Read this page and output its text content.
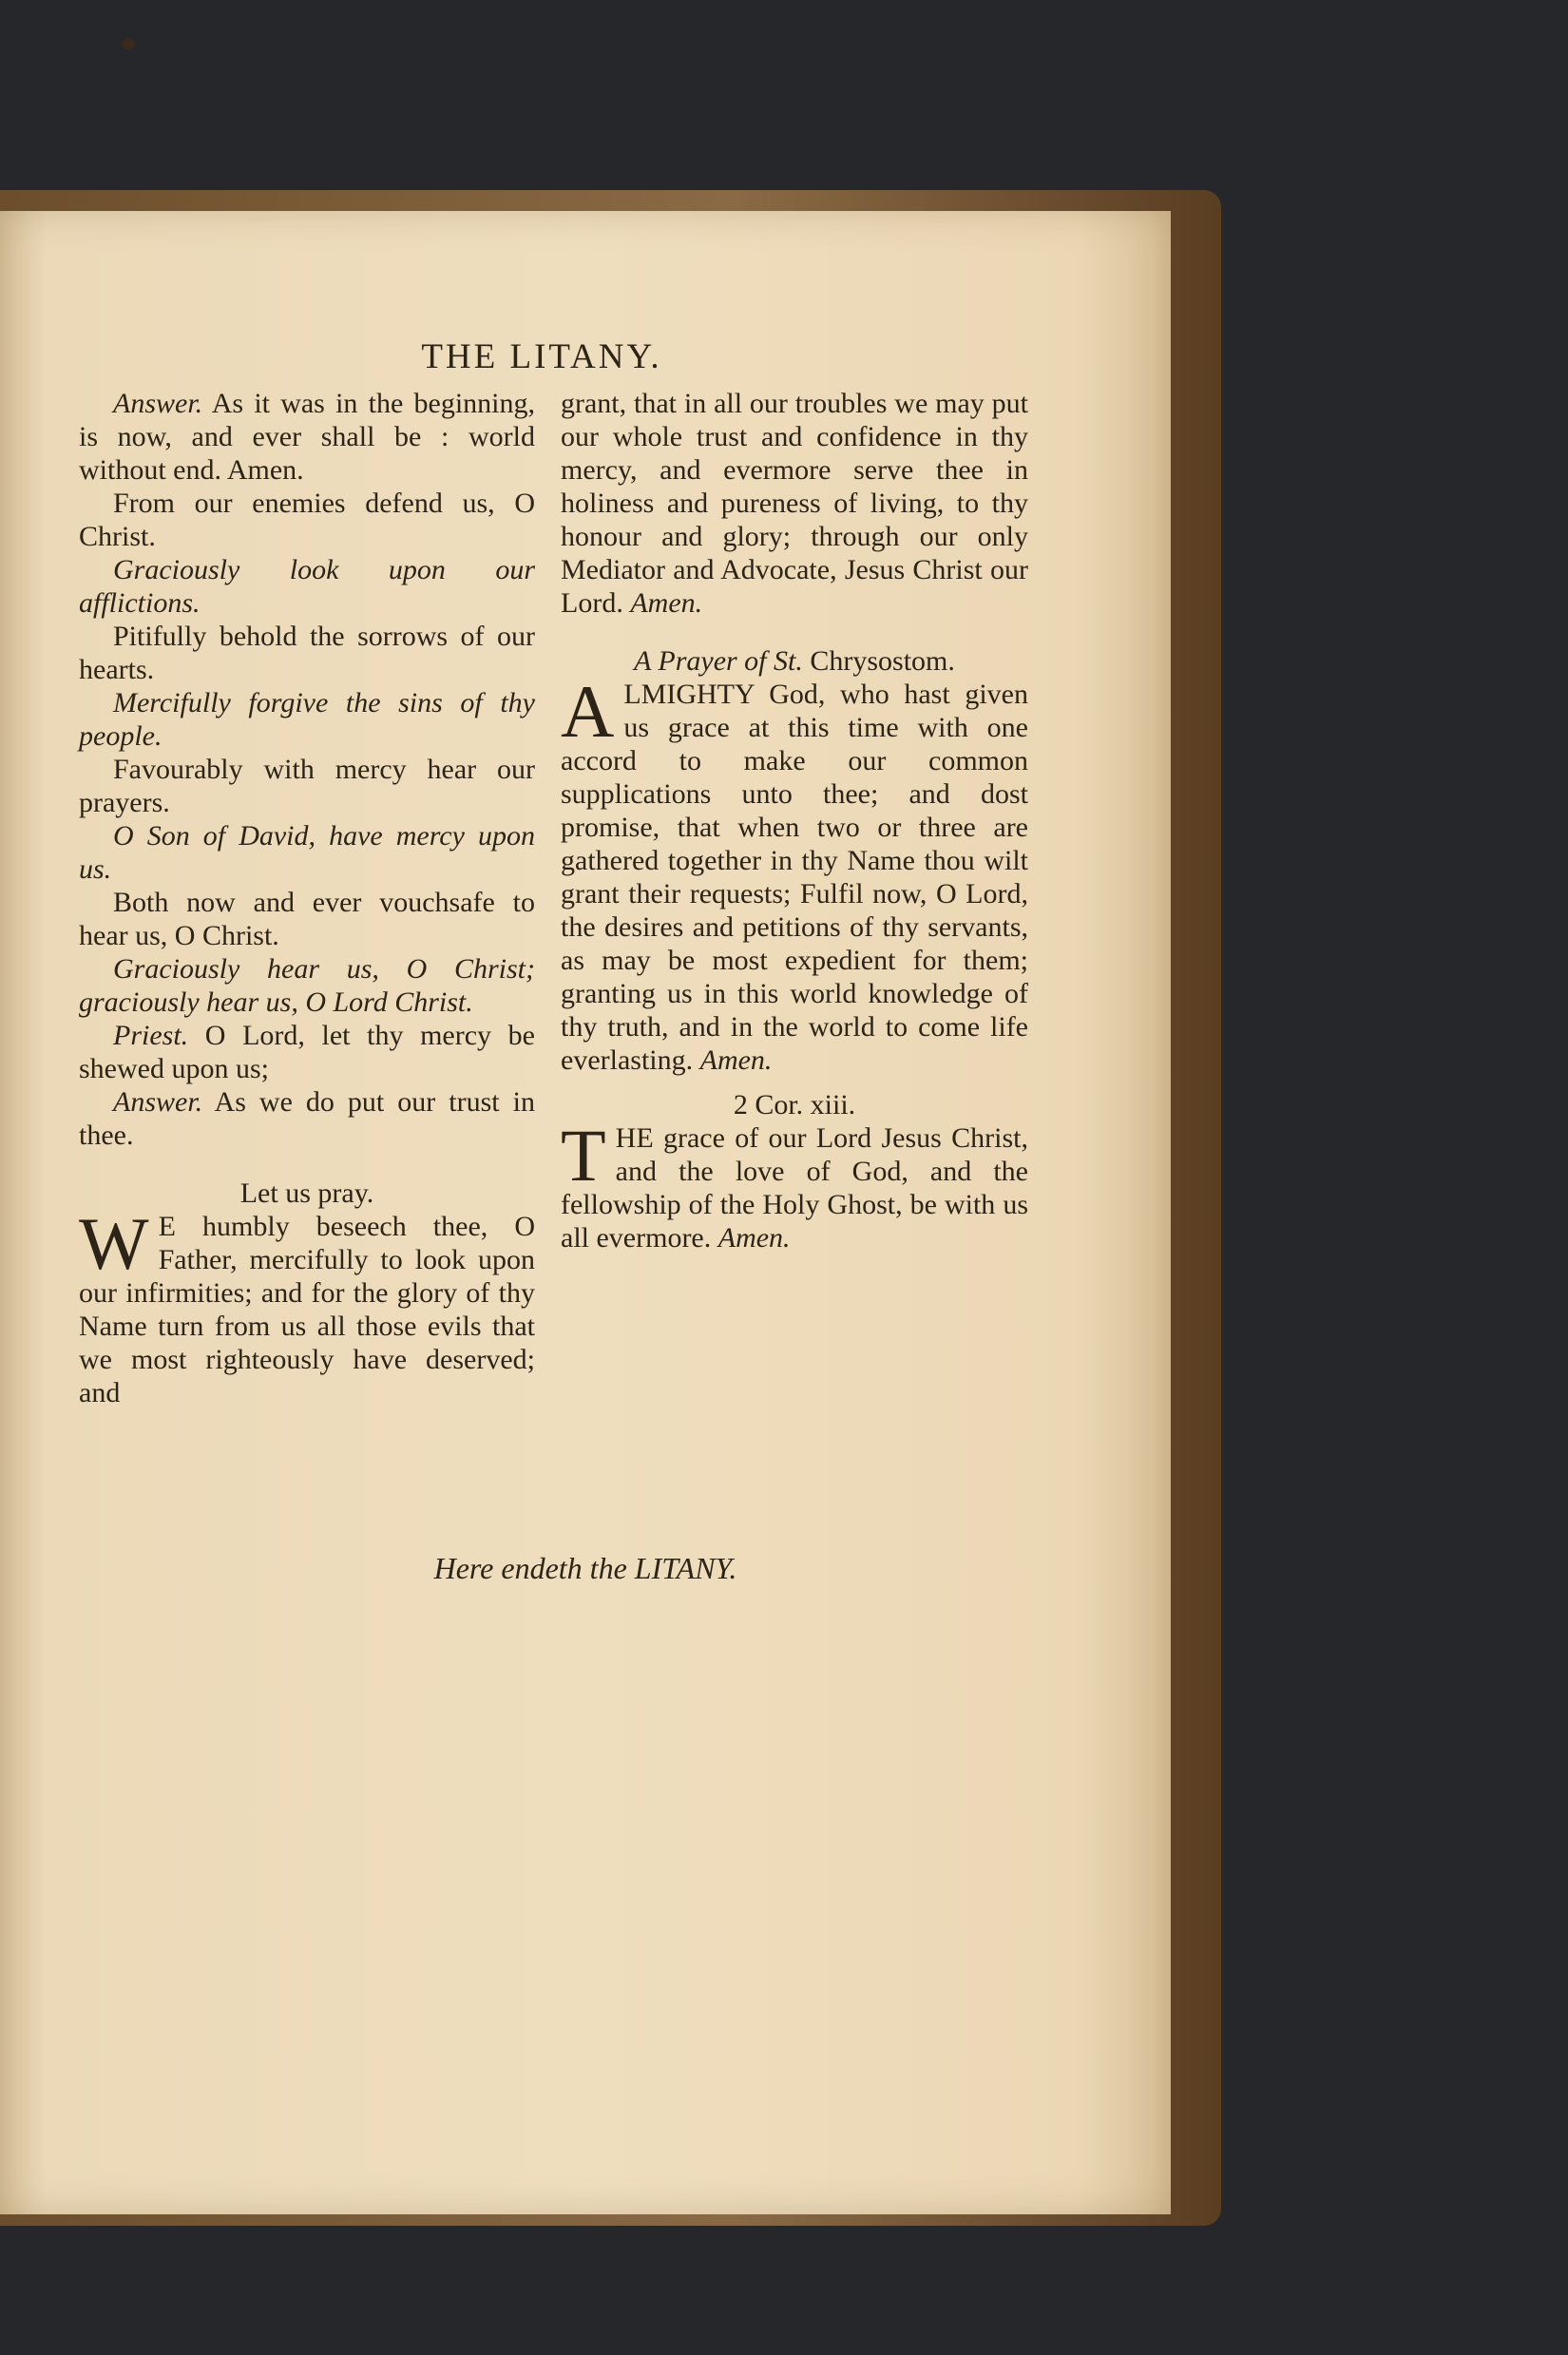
THE LITANY.

Answer. As it was in the beginning, is now, and ever shall be : world without end. Amen.

From our enemies defend us, O Christ.

Graciously look upon our afflictions.

Pitifully behold the sorrows of our hearts.

Mercifully forgive the sins of thy people.

Favourably with mercy hear our prayers.

O Son of David, have mercy upon us.

Both now and ever vouchsafe to hear us, O Christ.

Graciously hear us, O Christ; graciously hear us, O Lord Christ.

Priest. O Lord, let thy mercy be shewed upon us;

Answer. As we do put our trust in thee.

Let us pray.

W E humbly beseech thee, O Father, mercifully to look upon our infirmities; and for the glory of thy Name turn from us all those evils that we most righteously have deserved; and

grant, that in all our troubles we may put our whole trust and confidence in thy mercy, and evermore serve thee in holiness and pureness of living, to thy honour and glory; through our only Mediator and Advocate, Jesus Christ our Lord. Amen.

A Prayer of St. Chrysostom.

ALMIGHTY God, who hast given us grace at this time with one accord to make our common supplications unto thee; and dost promise, that when two or three are gathered together in thy Name thou wilt grant their requests; Fulfil now, O Lord, the desires and petitions of thy servants, as may be most expedient for them; granting us in this world knowledge of thy truth, and in the world to come life everlasting. Amen.

2 Cor. xiii.

THE grace of our Lord Jesus Christ, and the love of God, and the fellowship of the Holy Ghost, be with us all evermore. Amen.

Here endeth the LITANY.
